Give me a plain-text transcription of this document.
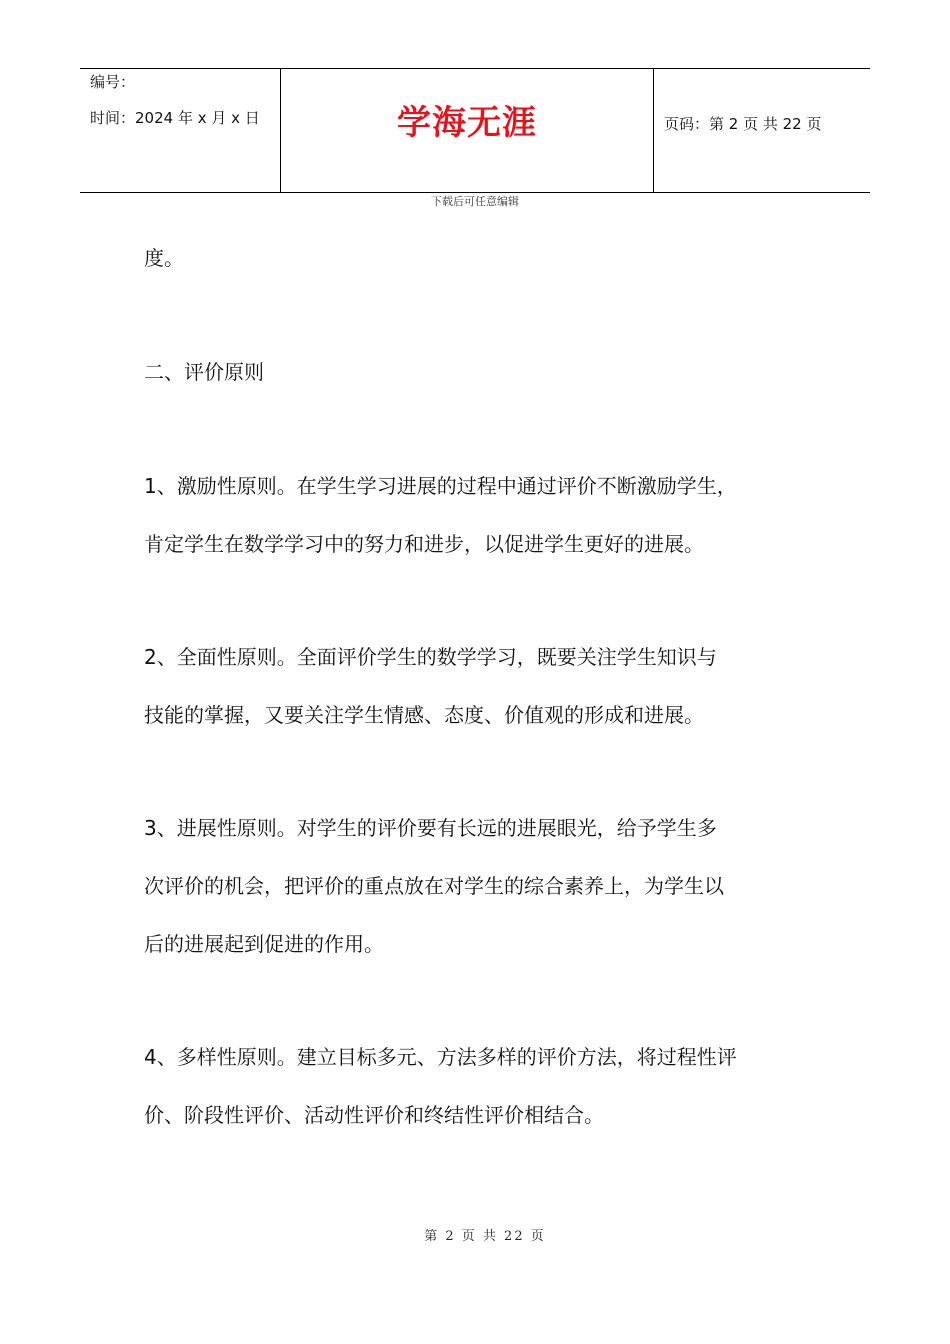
编号：
时间：2024 年 x 月 x 日	学海无涯	页码：第 2 页 共 22 页
下载后可任意编辑
度。
二、评价原则
1、激励性原则。在学生学习进展的过程中通过评价不断激励学生，
肯定学生在数学学习中的努力和进步，以促进学生更好的进展。
2、全面性原则。全面评价学生的数学学习，既要关注学生知识与
技能的掌握，又要关注学生情感、态度、价值观的形成和进展。
3、进展性原则。对学生的评价要有长远的进展眼光，给予学生多
次评价的机会，把评价的重点放在对学生的综合素养上，为学生以
后的进展起到促进的作用。
4、多样性原则。建立目标多元、方法多样的评价方法，将过程性评
价、阶段性评价、活动性评价和终结性评价相结合。
第 2 页 共 22 页
